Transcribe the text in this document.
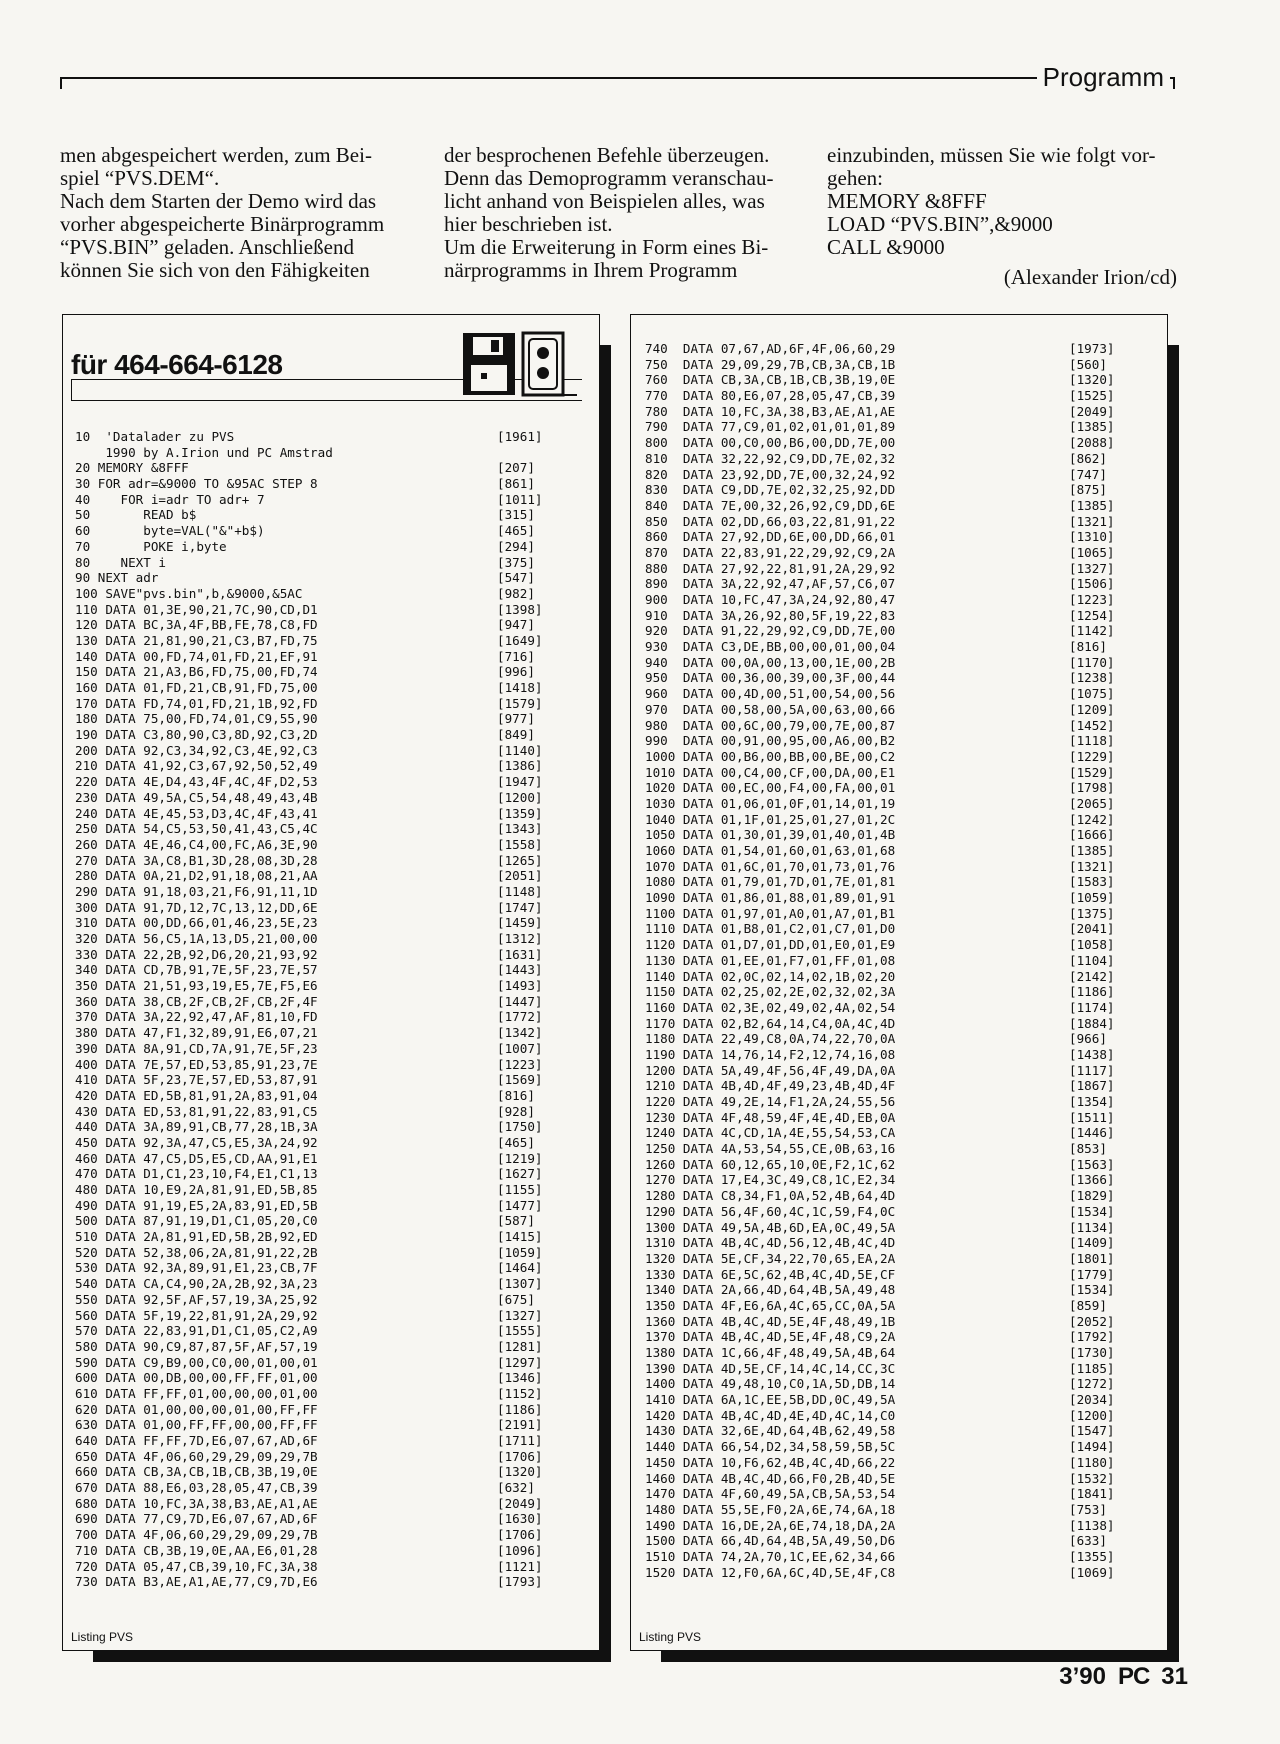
Programm
men abgespeichert werden, zum Bei-
spiel “PVS.DEM“.
Nach dem Starten der Demo wird das
vorher abgespeicherte Binärprogramm
“PVS.BIN” geladen. Anschließend
können Sie sich von den Fähigkeiten
der besprochenen Befehle überzeugen.
Denn das Demoprogramm veranschau-
licht anhand von Beispielen alles, was
hier beschrieben ist.
Um die Erweiterung in Form eines Bi-
närprogramms in Ihrem Programm
einzubinden, müssen Sie wie folgt vor-
gehen:
MEMORY &8FFF
LOAD “PVS.BIN”,&9000
CALL &9000
(Alexander Irion/cd)
für 464-664-6128
10  'Datalader zu PVS	[1961]
1990 by A.Irion und PC Amstrad
20 MEMORY &8FFF	[207]
30 FOR adr=&9000 TO &95AC STEP 8	[861]
40    FOR i=adr TO adr+ 7	[1011]
50       READ b$	[315]
60       byte=VAL("&"+b$)	[465]
70       POKE i,byte	[294]
80    NEXT i	[375]
90 NEXT adr	[547]
100 SAVE"pvs.bin",b,&9000,&5AC	[982]
110 DATA 01,3E,90,21,7C,90,CD,D1	[1398]
120 DATA BC,3A,4F,BB,FE,78,C8,FD	[947]
130 DATA 21,81,90,21,C3,B7,FD,75	[1649]
140 DATA 00,FD,74,01,FD,21,EF,91	[716]
150 DATA 21,A3,B6,FD,75,00,FD,74	[996]
160 DATA 01,FD,21,CB,91,FD,75,00	[1418]
170 DATA FD,74,01,FD,21,1B,92,FD	[1579]
180 DATA 75,00,FD,74,01,C9,55,90	[977]
190 DATA C3,80,90,C3,8D,92,C3,2D	[849]
200 DATA 92,C3,34,92,C3,4E,92,C3	[1140]
210 DATA 41,92,C3,67,92,50,52,49	[1386]
220 DATA 4E,D4,43,4F,4C,4F,D2,53	[1947]
230 DATA 49,5A,C5,54,48,49,43,4B	[1200]
240 DATA 4E,45,53,D3,4C,4F,43,41	[1359]
250 DATA 54,C5,53,50,41,43,C5,4C	[1343]
260 DATA 4E,46,C4,00,FC,A6,3E,90	[1558]
270 DATA 3A,C8,B1,3D,28,08,3D,28	[1265]
280 DATA 0A,21,D2,91,18,08,21,AA	[2051]
290 DATA 91,18,03,21,F6,91,11,1D	[1148]
300 DATA 91,7D,12,7C,13,12,DD,6E	[1747]
310 DATA 00,DD,66,01,46,23,5E,23	[1459]
320 DATA 56,C5,1A,13,D5,21,00,00	[1312]
330 DATA 22,2B,92,D6,20,21,93,92	[1631]
340 DATA CD,7B,91,7E,5F,23,7E,57	[1443]
350 DATA 21,51,93,19,E5,7E,F5,E6	[1493]
360 DATA 38,CB,2F,CB,2F,CB,2F,4F	[1447]
370 DATA 3A,22,92,47,AF,81,10,FD	[1772]
380 DATA 47,F1,32,89,91,E6,07,21	[1342]
390 DATA 8A,91,CD,7A,91,7E,5F,23	[1007]
400 DATA 7E,57,ED,53,85,91,23,7E	[1223]
410 DATA 5F,23,7E,57,ED,53,87,91	[1569]
420 DATA ED,5B,81,91,2A,83,91,04	[816]
430 DATA ED,53,81,91,22,83,91,C5	[928]
440 DATA 3A,89,91,CB,77,28,1B,3A	[1750]
450 DATA 92,3A,47,C5,E5,3A,24,92	[465]
460 DATA 47,C5,D5,E5,CD,AA,91,E1	[1219]
470 DATA D1,C1,23,10,F4,E1,C1,13	[1627]
480 DATA 10,E9,2A,81,91,ED,5B,85	[1155]
490 DATA 91,19,E5,2A,83,91,ED,5B	[1477]
500 DATA 87,91,19,D1,C1,05,20,C0	[587]
510 DATA 2A,81,91,ED,5B,2B,92,ED	[1415]
520 DATA 52,38,06,2A,81,91,22,2B	[1059]
530 DATA 92,3A,89,91,E1,23,CB,7F	[1464]
540 DATA CA,C4,90,2A,2B,92,3A,23	[1307]
550 DATA 92,5F,AF,57,19,3A,25,92	[675]
560 DATA 5F,19,22,81,91,2A,29,92	[1327]
570 DATA 22,83,91,D1,C1,05,C2,A9	[1555]
580 DATA 90,C9,87,87,5F,AF,57,19	[1281]
590 DATA C9,B9,00,C0,00,01,00,01	[1297]
600 DATA 00,DB,00,00,FF,FF,01,00	[1346]
610 DATA FF,FF,01,00,00,00,01,00	[1152]
620 DATA 01,00,00,00,01,00,FF,FF	[1186]
630 DATA 01,00,FF,FF,00,00,FF,FF	[2191]
640 DATA FF,FF,7D,E6,07,67,AD,6F	[1711]
650 DATA 4F,06,60,29,29,09,29,7B	[1706]
660 DATA CB,3A,CB,1B,CB,3B,19,0E	[1320]
670 DATA 88,E6,03,28,05,47,CB,39	[632]
680 DATA 10,FC,3A,38,B3,AE,A1,AE	[2049]
690 DATA 77,C9,7D,E6,07,67,AD,6F	[1630]
700 DATA 4F,06,60,29,29,09,29,7B	[1706]
710 DATA CB,3B,19,0E,AA,E6,01,28	[1096]
720 DATA 05,47,CB,39,10,FC,3A,38	[1121]
730 DATA B3,AE,A1,AE,77,C9,7D,E6	[1793]
Listing PVS
740  DATA 07,67,AD,6F,4F,06,60,29	[1973]
750  DATA 29,09,29,7B,CB,3A,CB,1B	[560]
760  DATA CB,3A,CB,1B,CB,3B,19,0E	[1320]
770  DATA 80,E6,07,28,05,47,CB,39	[1525]
780  DATA 10,FC,3A,38,B3,AE,A1,AE	[2049]
790  DATA 77,C9,01,02,01,01,01,89	[1385]
800  DATA 00,C0,00,B6,00,DD,7E,00	[2088]
810  DATA 32,22,92,C9,DD,7E,02,32	[862]
820  DATA 23,92,DD,7E,00,32,24,92	[747]
830  DATA C9,DD,7E,02,32,25,92,DD	[875]
840  DATA 7E,00,32,26,92,C9,DD,6E	[1385]
850  DATA 02,DD,66,03,22,81,91,22	[1321]
860  DATA 27,92,DD,6E,00,DD,66,01	[1310]
870  DATA 22,83,91,22,29,92,C9,2A	[1065]
880  DATA 27,92,22,81,91,2A,29,92	[1327]
890  DATA 3A,22,92,47,AF,57,C6,07	[1506]
900  DATA 10,FC,47,3A,24,92,80,47	[1223]
910  DATA 3A,26,92,80,5F,19,22,83	[1254]
920  DATA 91,22,29,92,C9,DD,7E,00	[1142]
930  DATA C3,DE,BB,00,00,01,00,04	[816]
940  DATA 00,0A,00,13,00,1E,00,2B	[1170]
950  DATA 00,36,00,39,00,3F,00,44	[1238]
960  DATA 00,4D,00,51,00,54,00,56	[1075]
970  DATA 00,58,00,5A,00,63,00,66	[1209]
980  DATA 00,6C,00,79,00,7E,00,87	[1452]
990  DATA 00,91,00,95,00,A6,00,B2	[1118]
1000 DATA 00,B6,00,BB,00,BE,00,C2	[1229]
1010 DATA 00,C4,00,CF,00,DA,00,E1	[1529]
1020 DATA 00,EC,00,F4,00,FA,00,01	[1798]
1030 DATA 01,06,01,0F,01,14,01,19	[2065]
1040 DATA 01,1F,01,25,01,27,01,2C	[1242]
1050 DATA 01,30,01,39,01,40,01,4B	[1666]
1060 DATA 01,54,01,60,01,63,01,68	[1385]
1070 DATA 01,6C,01,70,01,73,01,76	[1321]
1080 DATA 01,79,01,7D,01,7E,01,81	[1583]
1090 DATA 01,86,01,88,01,89,01,91	[1059]
1100 DATA 01,97,01,A0,01,A7,01,B1	[1375]
1110 DATA 01,B8,01,C2,01,C7,01,D0	[2041]
1120 DATA 01,D7,01,DD,01,E0,01,E9	[1058]
1130 DATA 01,EE,01,F7,01,FF,01,08	[1104]
1140 DATA 02,0C,02,14,02,1B,02,20	[2142]
1150 DATA 02,25,02,2E,02,32,02,3A	[1186]
1160 DATA 02,3E,02,49,02,4A,02,54	[1174]
1170 DATA 02,B2,64,14,C4,0A,4C,4D	[1884]
1180 DATA 22,49,C8,0A,74,22,70,0A	[966]
1190 DATA 14,76,14,F2,12,74,16,08	[1438]
1200 DATA 5A,49,4F,56,4F,49,DA,0A	[1117]
1210 DATA 4B,4D,4F,49,23,4B,4D,4F	[1867]
1220 DATA 49,2E,14,F1,2A,24,55,56	[1354]
1230 DATA 4F,48,59,4F,4E,4D,EB,0A	[1511]
1240 DATA 4C,CD,1A,4E,55,54,53,CA	[1446]
1250 DATA 4A,53,54,55,CE,0B,63,16	[853]
1260 DATA 60,12,65,10,0E,F2,1C,62	[1563]
1270 DATA 17,E4,3C,49,C8,1C,E2,34	[1366]
1280 DATA C8,34,F1,0A,52,4B,64,4D	[1829]
1290 DATA 56,4F,60,4C,1C,59,F4,0C	[1534]
1300 DATA 49,5A,4B,6D,EA,0C,49,5A	[1134]
1310 DATA 4B,4C,4D,56,12,4B,4C,4D	[1409]
1320 DATA 5E,CF,34,22,70,65,EA,2A	[1801]
1330 DATA 6E,5C,62,4B,4C,4D,5E,CF	[1779]
1340 DATA 2A,66,4D,64,4B,5A,49,48	[1534]
1350 DATA 4F,E6,6A,4C,65,CC,0A,5A	[859]
1360 DATA 4B,4C,4D,5E,4F,48,49,1B	[2052]
1370 DATA 4B,4C,4D,5E,4F,48,C9,2A	[1792]
1380 DATA 1C,66,4F,48,49,5A,4B,64	[1730]
1390 DATA 4D,5E,CF,14,4C,14,CC,3C	[1185]
1400 DATA 49,48,10,C0,1A,5D,DB,14	[1272]
1410 DATA 6A,1C,EE,5B,DD,0C,49,5A	[2034]
1420 DATA 4B,4C,4D,4E,4D,4C,14,C0	[1200]
1430 DATA 32,6E,4D,64,4B,62,49,58	[1547]
1440 DATA 66,54,D2,34,58,59,5B,5C	[1494]
1450 DATA 10,F6,62,4B,4C,4D,66,22	[1180]
1460 DATA 4B,4C,4D,66,F0,2B,4D,5E	[1532]
1470 DATA 4F,60,49,5A,CB,5A,53,54	[1841]
1480 DATA 55,5E,F0,2A,6E,74,6A,18	[753]
1490 DATA 16,DE,2A,6E,74,18,DA,2A	[1138]
1500 DATA 66,4D,64,4B,5A,49,50,D6	[633]
1510 DATA 74,2A,70,1C,EE,62,34,66	[1355]
1520 DATA 12,F0,6A,6C,4D,5E,4F,C8	[1069]
Listing PVS
3’90 PC 31
